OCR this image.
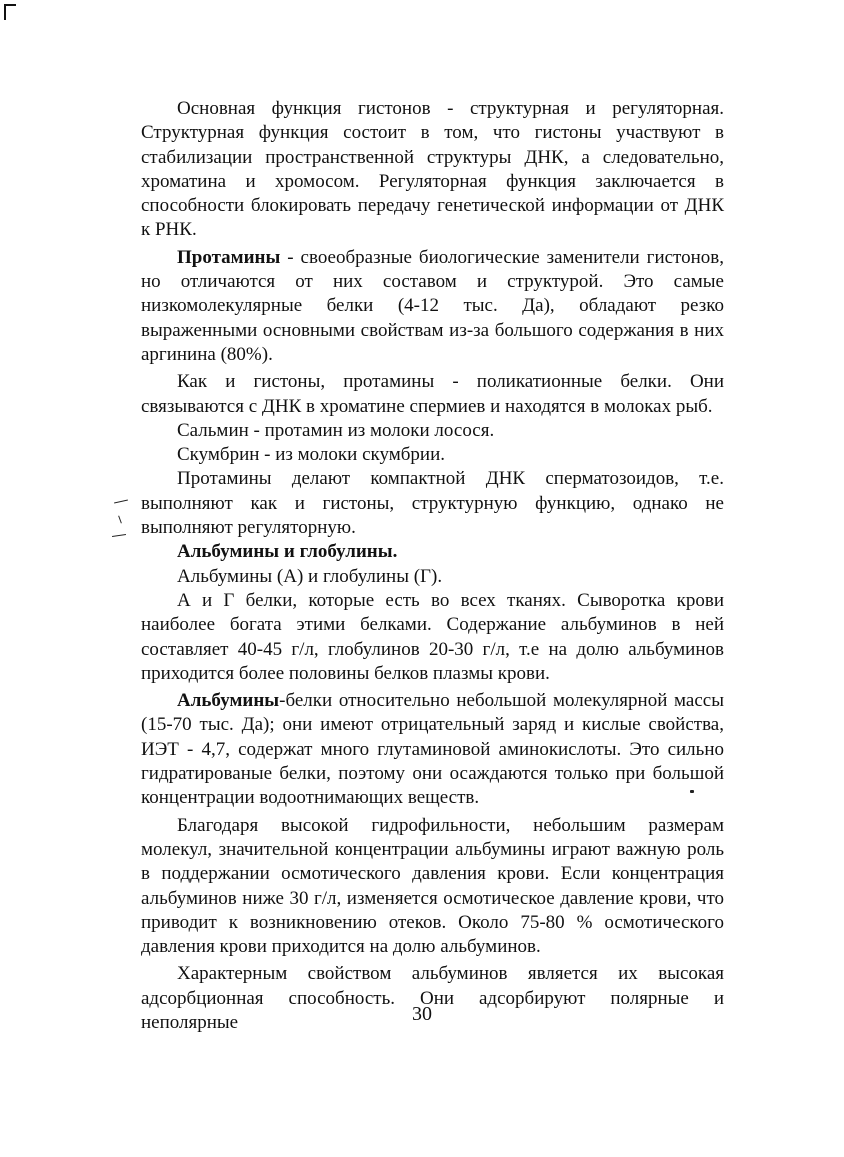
Основная функция гистонов - структурная и регуляторная. Структурная функция состоит в том, что гистоны участвуют в стабилизации пространственной структуры ДНК, а следовательно, хроматина и хромосом. Регуляторная функция заключается в способности блокировать передачу генетической информации от ДНК к РНК.

Протамины - своеобразные биологические заменители гистонов, но отличаются от них составом и структурой. Это самые низкомолекулярные белки (4-12 тыс. Да), обладают резко выраженными основными свойствам из-за большого содержания в них аргинина (80%).

Как и гистоны, протамины - поликатионные белки. Они связываются с ДНК в хроматине спермиев и находятся в молоках рыб.

Сальмин - протамин из молоки лосося.

Скумбрин - из молоки скумбрии.

Протамины делают компактной ДНК сперматозоидов, т.е. выполняют как и гистоны, структурную функцию, однако не выполняют регуляторную.

Альбумины и глобулины.

Альбумины (А) и глобулины (Г).

А и Г белки, которые есть во всех тканях. Сыворотка крови наиболее богата этими белками. Содержание альбуминов в ней составляет 40-45 г/л, глобулинов 20-30 г/л, т.е на долю альбуминов приходится более половины белков плазмы крови.

Альбумины-белки относительно небольшой молекулярной массы (15-70 тыс. Да); они имеют отрицательный заряд и кислые свойства, ИЭТ - 4,7, содержат много глутаминовой аминокислоты. Это сильно гидратированые белки, поэтому они осаждаются только при большой концентрации водоотнимающих веществ.

Благодаря высокой гидрофильности, небольшим размерам молекул, значительной концентрации альбумины играют важную роль в поддержании осмотического давления крови. Если концентрация альбуминов ниже 30 г/л, изменяется осмотическое давление крови, что приводит к возникновению отеков. Около 75-80 % осмотического давления крови приходится на долю альбуминов.

Характерным свойством альбуминов является их высокая адсорбционная способность. Они адсорбируют полярные и неполярные	30
